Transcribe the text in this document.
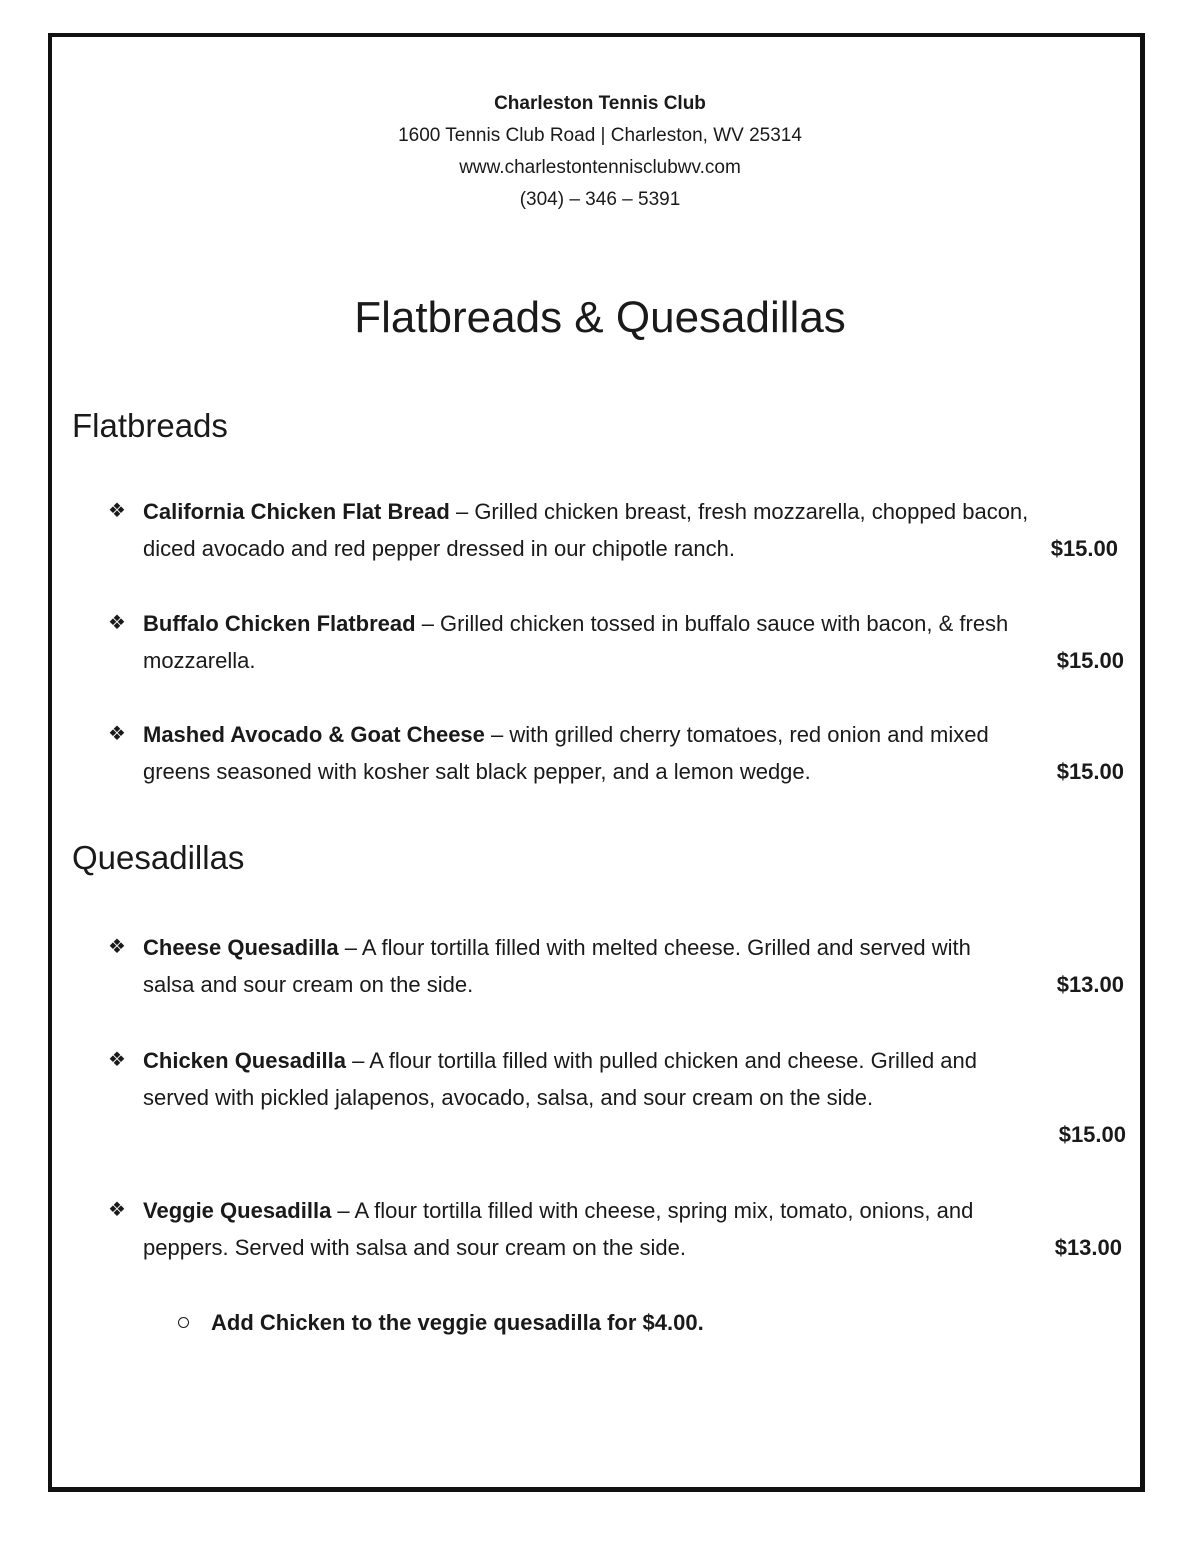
Charleston Tennis Club
1600 Tennis Club Road | Charleston, WV 25314
www.charlestontennisclubwv.com
(304) – 346 – 5391
Flatbreads & Quesadillas
Flatbreads
❖ California Chicken Flat Bread – Grilled chicken breast, fresh mozzarella, chopped bacon,
diced avocado and red pepper dressed in our chipotle ranch.	$15.00
❖ Buffalo Chicken Flatbread – Grilled chicken tossed in buffalo sauce with bacon, & fresh
mozzarella.	$15.00
❖ Mashed Avocado & Goat Cheese – with grilled cherry tomatoes, red onion and mixed
greens seasoned with kosher salt black pepper, and a lemon wedge.	$15.00
Quesadillas
❖ Cheese Quesadilla – A flour tortilla filled with melted cheese. Grilled and served with
salsa and sour cream on the side.	$13.00
❖ Chicken Quesadilla – A flour tortilla filled with pulled chicken and cheese. Grilled and
served with pickled jalapenos, avocado, salsa, and sour cream on the side.
$15.00
❖ Veggie Quesadilla – A flour tortilla filled with cheese, spring mix, tomato, onions, and
peppers. Served with salsa and sour cream on the side.	$13.00
Add Chicken to the veggie quesadilla for $4.00.
